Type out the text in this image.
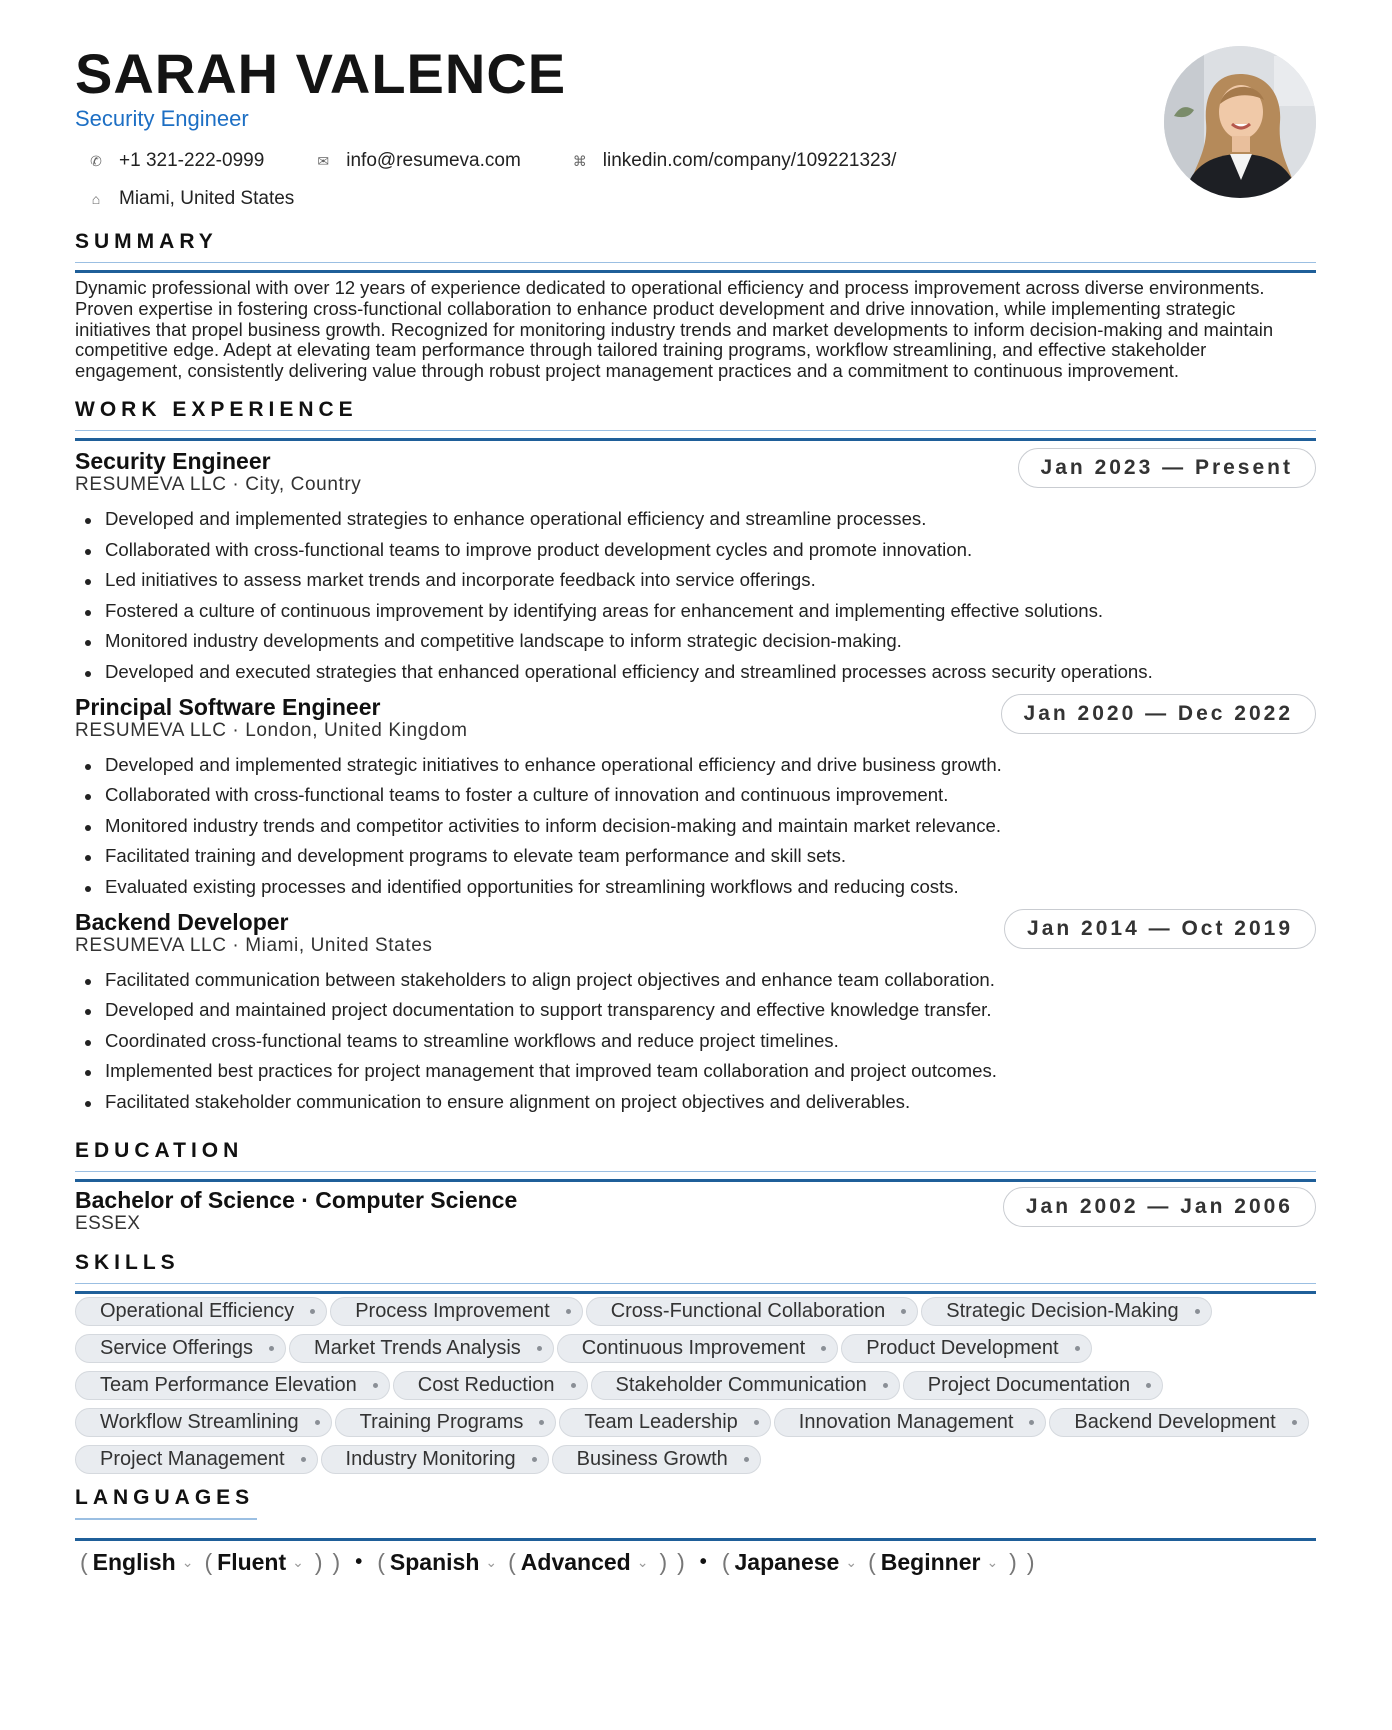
SARAH VALENCE
Security Engineer
✆ +1 321-222-0999	✉ info@resumeva.com	⌘ linkedin.com/company/109221323/
⌂ Miami, United States
SUMMARY
Dynamic professional with over 12 years of experience dedicated to operational efficiency and process improvement across diverse environments. Proven expertise in fostering cross-functional collaboration to enhance product development and drive innovation, while implementing strategic initiatives that propel business growth. Recognized for monitoring industry trends and market developments to inform decision-making and maintain competitive edge. Adept at elevating team performance through tailored training programs, workflow streamlining, and effective stakeholder engagement, consistently delivering value through robust project management practices and a commitment to continuous improvement.
WORK EXPERIENCE
Security Engineer
RESUMEVA LLC · City, Country
Jan 2023 — Present
Developed and implemented strategies to enhance operational efficiency and streamline processes.
Collaborated with cross-functional teams to improve product development cycles and promote innovation.
Led initiatives to assess market trends and incorporate feedback into service offerings.
Fostered a culture of continuous improvement by identifying areas for enhancement and implementing effective solutions.
Monitored industry developments and competitive landscape to inform strategic decision-making.
Developed and executed strategies that enhanced operational efficiency and streamlined processes across security operations.
Principal Software Engineer
RESUMEVA LLC · London, United Kingdom
Jan 2020 — Dec 2022
Developed and implemented strategic initiatives to enhance operational efficiency and drive business growth.
Collaborated with cross-functional teams to foster a culture of innovation and continuous improvement.
Monitored industry trends and competitor activities to inform decision-making and maintain market relevance.
Facilitated training and development programs to elevate team performance and skill sets.
Evaluated existing processes and identified opportunities for streamlining workflows and reducing costs.
Backend Developer
RESUMEVA LLC · Miami, United States
Jan 2014 — Oct 2019
Facilitated communication between stakeholders to align project objectives and enhance team collaboration.
Developed and maintained project documentation to support transparency and effective knowledge transfer.
Coordinated cross-functional teams to streamline workflows and reduce project timelines.
Implemented best practices for project management that improved team collaboration and project outcomes.
Facilitated stakeholder communication to ensure alignment on project objectives and deliverables.
EDUCATION
Bachelor of Science · Computer Science
ESSEX
Jan 2002 — Jan 2006
SKILLS
Operational Efficiency	Process Improvement	Cross-Functional Collaboration	Strategic Decision-Making
Service Offerings	Market Trends Analysis	Continuous Improvement	Product Development
Team Performance Elevation	Cost Reduction	Stakeholder Communication	Project Documentation
Workflow Streamlining	Training Programs	Team Leadership	Innovation Management	Backend Development
Project Management	Industry Monitoring	Business Growth
LANGUAGES
( English ⌄ ( Fluent ⌄ ) ) • ( Spanish ⌄ ( Advanced ⌄ ) ) • ( Japanese ⌄ ( Beginner ⌄ ) )
